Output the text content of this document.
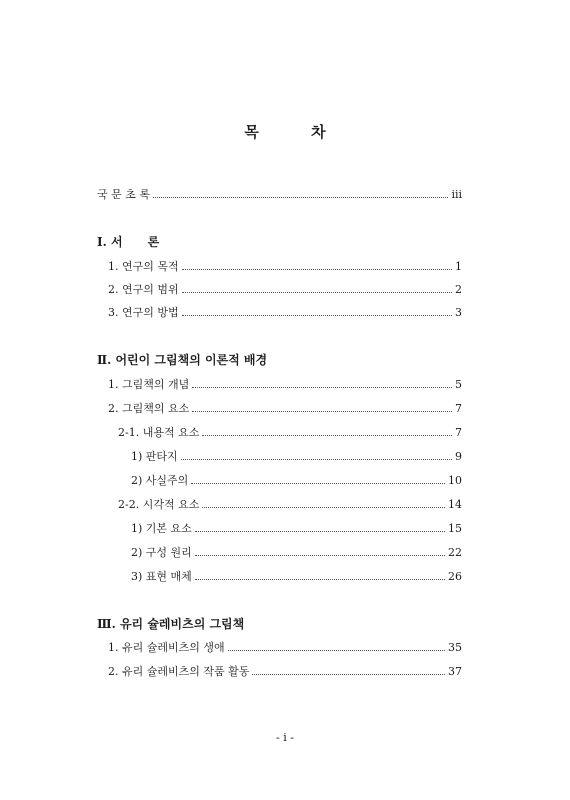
목          차
국 문 초 록	iii
Ⅰ. 서      론
1. 연구의 목적	1
2. 연구의 범위	2
3. 연구의 방법	3
Ⅱ. 어린이 그림책의 이론적 배경
1. 그림책의 개념	5
2. 그림책의 요소	7
2-1. 내용적 요소	7
1) 판타지	9
2) 사실주의	10
2-2. 시각적 요소	14
1) 기본 요소	15
2) 구성 원리	22
3) 표현 매체	26
Ⅲ. 유리 슐레비츠의 그림책
1. 유리 슐레비츠의 생애	35
2. 유리 슐레비츠의 작품 활동	37
- i -
